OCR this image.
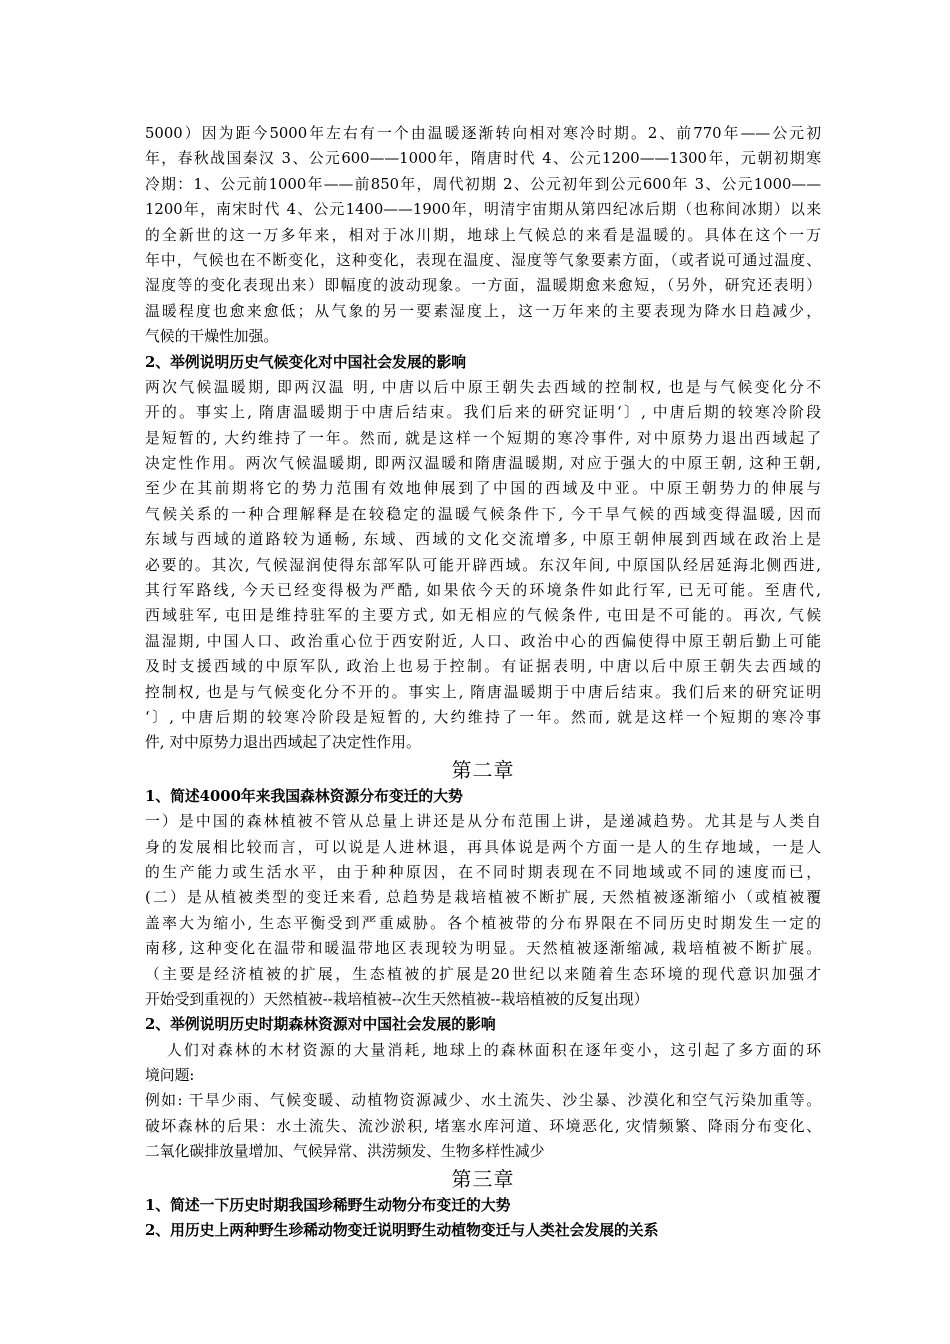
5000）因为距今5000年左右有一个由温暖逐渐转向相对寒冷时期。2、前770年——公元初
年，春秋战国秦汉 3、公元600——1000年，隋唐时代 4、公元1200——1300年，元朝初期寒
冷期：1、公元前1000年——前850年，周代初期 2、公元初年到公元600年 3、公元1000——
1200年，南宋时代 4、公元1400——1900年，明清宇宙期从第四纪冰后期（也称间冰期）以来
的全新世的这一万多年来，相对于冰川期，地球上气候总的来看是温暖的。具体在这个一万
年中，气候也在不断变化，这种变化，表现在温度、湿度等气象要素方面，（或者说可通过温度、
湿度等的变化表现出来）即幅度的波动现象。一方面，温暖期愈来愈短，（另外，研究还表明）
温暖程度也愈来愈低；从气象的另一要素湿度上，这一万年来的主要表现为降水日趋减少，
气候的干燥性加强。
2、举例说明历史气候变化对中国社会发展的影响
两次气候温暖期, 即两汉温 明, 中唐以后中原王朝失去西域的控制权, 也是与气候变化分不
开的。事实上, 隋唐温暖期于中唐后结束。我们后来的研究证明‘〕, 中唐后期的较寒冷阶段
是短暂的, 大约维持了一年。然而, 就是这样一个短期的寒冷事件, 对中原势力退出西域起了
决定性作用。两次气候温暖期, 即两汉温暖和隋唐温暖期, 对应于强大的中原王朝, 这种王朝,
至少在其前期将它的势力范围有效地伸展到了中国的西域及中亚。中原王朝势力的伸展与
气候关系的一种合理解释是在较稳定的温暖气候条件下, 今干旱气候的西域变得温暖, 因而
东域与西域的道路较为通畅, 东域、西域的文化交流增多, 中原王朝伸展到西域在政治上是
必要的。其次, 气候湿润使得东部军队可能开辟西域。东汉年间, 中原国队经居延海北侧西进,
其行军路线, 今天已经变得极为严酷, 如果依今天的环境条件如此行军, 已无可能。至唐代,
西域驻军, 屯田是维持驻军的主要方式, 如无相应的气候条件, 屯田是不可能的。再次, 气候
温湿期, 中国人口、政治重心位于西安附近, 人口、政治中心的西偏使得中原王朝后勤上可能
及时支援西域的中原军队, 政治上也易于控制。有证据表明, 中唐以后中原王朝失去西域的
控制权, 也是与气候变化分不开的。事实上, 隋唐温暖期于中唐后结束。我们后来的研究证明
‘〕, 中唐后期的较寒冷阶段是短暂的, 大约维持了一年。然而, 就是这样一个短期的寒冷事
件, 对中原势力退出西域起了决定性作用。
第二章
1、简述4000年来我国森林资源分布变迁的大势
一）是中国的森林植被不管从总量上讲还是从分布范围上讲，是递减趋势。尤其是与人类自
身的发展相比较而言，可以说是人进林退，再具体说是两个方面一是人的生存地域，一是人
的生产能力或生活水平，由于种种原因，在不同时期表现在不同地域或不同的速度而已，
(二）是从植被类型的变迁来看, 总趋势是栽培植被不断扩展, 天然植被逐渐缩小（或植被覆
盖率大为缩小, 生态平衡受到严重威胁。各个植被带的分布界限在不同历史时期发生一定的
南移, 这种变化在温带和暖温带地区表现较为明显。天然植被逐渐缩减, 栽培植被不断扩展。
（主要是经济植被的扩展，生态植被的扩展是20世纪以来随着生态环境的现代意识加强才
开始受到重视的）天然植被--栽培植被--次生天然植被--栽培植被的反复出现）
2、举例说明历史时期森林资源对中国社会发展的影响
人们对森林的木材资源的大量消耗, 地球上的森林面积在逐年变小，这引起了多方面的环
境问题:
例如: 干旱少雨、气候变暖、动植物资源减少、水土流失、沙尘暴、沙漠化和空气污染加重等。
破坏森林的后果：水土流失、流沙淤积, 堵塞水库河道、环境恶化, 灾情频繁、降雨分布变化、
二氧化碳排放量增加、气候异常、洪涝频发、生物多样性减少
第三章
1、简述一下历史时期我国珍稀野生动物分布变迁的大势
2、用历史上两种野生珍稀动物变迁说明野生动植物变迁与人类社会发展的关系
